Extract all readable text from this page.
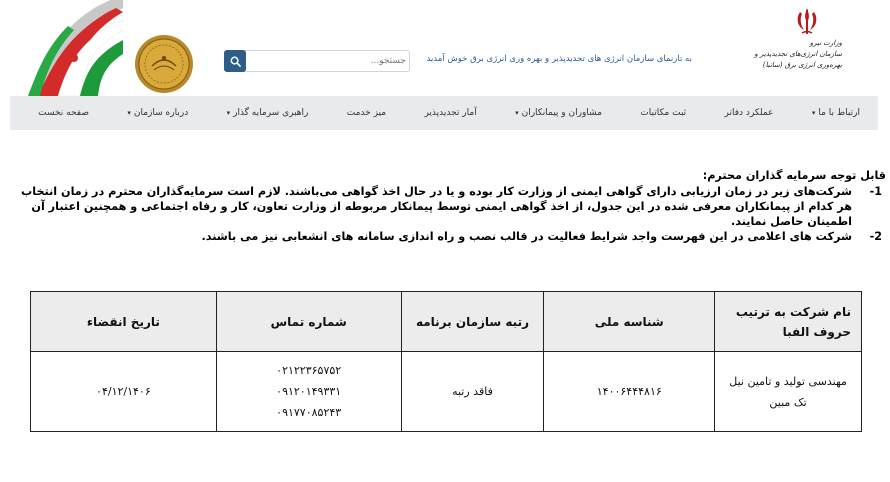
جستجو...
به تارنمای سازمان انرژی های تجدیدپذیر و بهره وری انرژی برق خوش آمدید
وزارت نیرو
سازمان انرژی‌های تجدیدپذیر و
بهره‌وری انرژی برق (ساتبا)
صفحه نخست	درباره سازمان
▾	راهبری سرمایه گذار
▾	میز خدمت	آمار تجدیدپذیر	مشاوران و پیمانکاران
▾	ثبت مکاتبات	عملکرد دفاتر	ارتباط با ما
▾
قابل توجه سرمایه گذاران محترم:
-1
شرکت‌های زیر در زمان ارزیابی دارای گواهی ایمنی از وزارت کار بوده و یا در حال اخذ گواهی می‌باشند. لازم است سرمایه‌گذاران محترم در زمان انتخاب هر کدام از پیمانکاران معرفی شده در این جدول، از اخذ گواهی ایمنی توسط پیمانکار مربوطه از وزارت تعاون، کار و رفاه اجتماعی و همچنین اعتبار آن اطمینان حاصل نمایند.
-2
شرکت های اعلامی در این فهرست واجد شرایط فعالیت در قالب نصب و راه اندازی سامانه های انشعابی نیز می باشند.
نام شرکت به ترتیب حروف الفبا	شناسه ملی	رتبه سازمان برنامه	شماره تماس	تاریخ انقضاء
مهندسی تولید و تامین نیل تک مبین	۱۴۰۰۶۴۴۴۸۱۶	فاقد رتبه	۰۲۱۲۲۳۶۵۷۵۲
۰۹۱۲۰۱۴۹۳۳۱
۰۹۱۷۷۰۸۵۲۴۳	۰۴/۱۲/۱۴۰۶
